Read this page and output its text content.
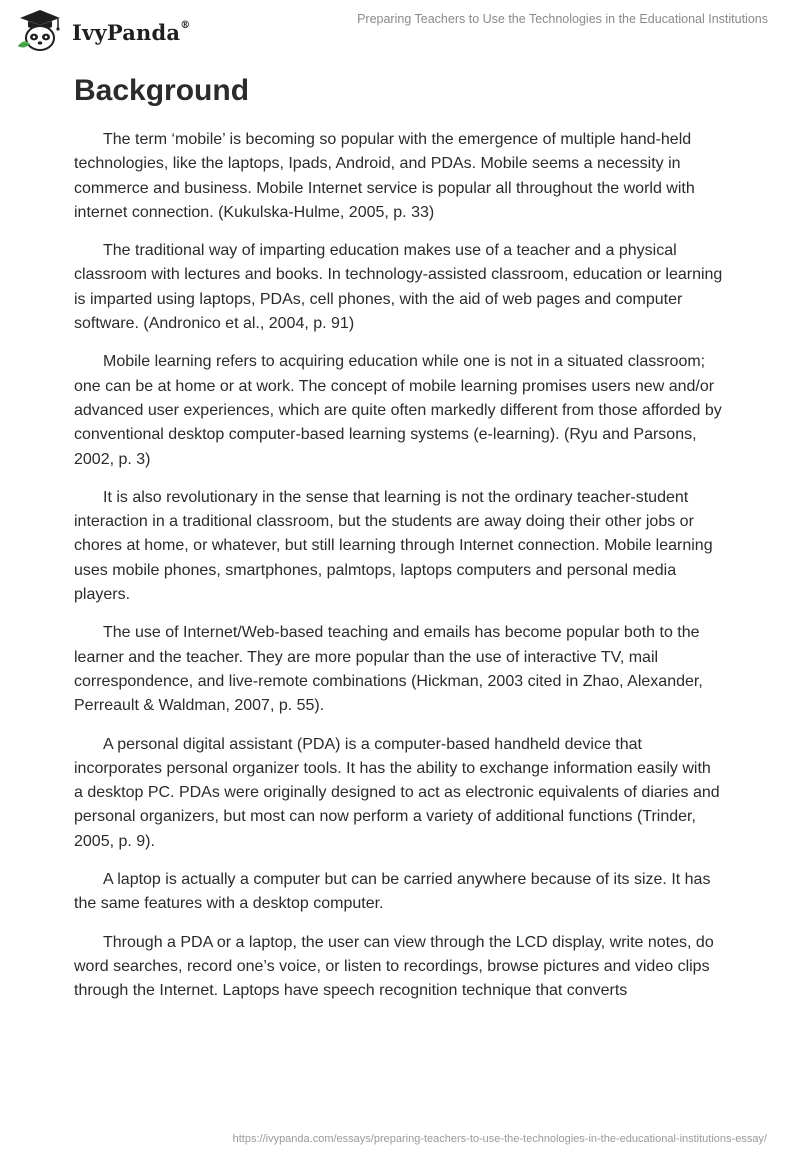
IvyPanda®	Preparing Teachers to Use the Technologies in the Educational Institutions
Background

The term ‘mobile’ is becoming so popular with the emergence of multiple hand-held technologies, like the laptops, Ipads, Android, and PDAs. Mobile seems a necessity in commerce and business. Mobile Internet service is popular all throughout the world with internet connection. (Kukulska-Hulme, 2005, p. 33)

The traditional way of imparting education makes use of a teacher and a physical classroom with lectures and books. In technology-assisted classroom, education or learning is imparted using laptops, PDAs, cell phones, with the aid of web pages and computer software. (Andronico et al., 2004, p. 91)

Mobile learning refers to acquiring education while one is not in a situated classroom; one can be at home or at work. The concept of mobile learning promises users new and/or advanced user experiences, which are quite often markedly different from those afforded by conventional desktop computer-based learning systems (e-learning). (Ryu and Parsons, 2002, p. 3)

It is also revolutionary in the sense that learning is not the ordinary teacher-student interaction in a traditional classroom, but the students are away doing their other jobs or chores at home, or whatever, but still learning through Internet connection. Mobile learning uses mobile phones, smartphones, palmtops, laptops computers and personal media players.

The use of Internet/Web-based teaching and emails has become popular both to the learner and the teacher. They are more popular than the use of interactive TV, mail correspondence, and live-remote combinations (Hickman, 2003 cited in Zhao, Alexander, Perreault & Waldman, 2007, p. 55).

A personal digital assistant (PDA) is a computer-based handheld device that incorporates personal organizer tools. It has the ability to exchange information easily with a desktop PC. PDAs were originally designed to act as electronic equivalents of diaries and personal organizers, but most can now perform a variety of additional functions (Trinder, 2005, p. 9).

A laptop is actually a computer but can be carried anywhere because of its size. It has the same features with a desktop computer.

Through a PDA or a laptop, the user can view through the LCD display, write notes, do word searches, record one’s voice, or listen to recordings, browse pictures and video clips through the Internet. Laptops have speech recognition technique that converts

https://ivypanda.com/essays/preparing-teachers-to-use-the-technologies-in-the-educational-institutions-essay/
